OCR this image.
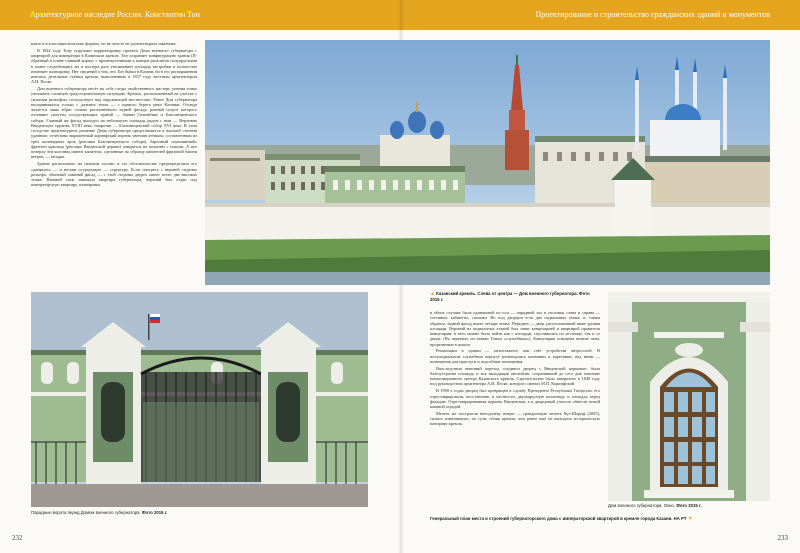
Архитектурное наследие России. Константин Тон	Проектирование и строительство гражданских зданий и монументов

конте и в классицистических формах, но не чем-то не удовлетворяла заказчика.

В 1842 году Тону поручают корректировку проекта Дома военного губернатора с квартирой для императора в Казанском кремле. Тон сохраняет конфигурацию здания (П-образный в плане главный корпус с промежуточными к концам ризалитов полукруглыми в плане служебными), но в полтора раза увеличивает площадь застройки и полностью изменяет планировку. Нет сведений о том, что Тон бывал в Казани, но в его распоряжении имелись детальные съёмки кремля, выполненные в 1837 году местным архитектором А.И. Песке.

Дом военного губернатора несёт на себе следы свойственного мастеру умения тонко учитывать сложную градостроительную ситуацию. Кремль, расположенный на участке с сильным рельефом, господствует над окружающей местностью. Ранее Дом губернатора воспринимался только с дальних точек — с правого берега реки Казанки. Отсюда читается лишь абрис сильно расчленённого задней фасада, ровный силуэт которого оттеняют силуэты соседствующих зданий — башни Сююмбике и Благовещенского собора. Главный же фасад выходил на небольшую площадь рядом с ним — Верхнюю Введенскую церковь XVIII века, напротив — Благовещенский собор XVI века. В этом соседстве архитектурное решение Дома губернатора представляется в высшей степени удачным: отчётливо выраженный коринфский портик увенчан аттиком, составленным из трёх килевидных арок (реплика Благовещенского собора), барочный «кувшинный» фронтон крыльца (реплика Введенской церкви) опирается на колонны с поясом. А вот поверху эти колонны имеют капители, сделанные по образцу капителей фризовой башни ветров, — загадка.

Здание расположено на сильном склоне, и это обстоятельство предопределило его «двоякую» — и весьма остроумную — структуру. Если смотреть с верхней стороны рельефа, обычный главный фасад — с этой стороны двурех имеет всего два высоких этажа. Нижний этаж занимала квартира губернатора, верхний был отдан под императорскую квартиру, планировка

Парадные ворота перед Домом военного губернатора. Фото 2015 г.
▲ Казанский кремль. Слева от центра — Дом военного губернатора. Фото 2015 г.

в обоих случаях была одинаковой по оси — парадный зал и столовая, слева и справа — гостиные, кабинеты, спальни. Но под дворцом есть два подвальных этажа, и, таким образом, задний фасад имеет четыре этажа. Переднее — двор, расположенный ниже уровня площади. Верхний из подвальных этажей был занят канцелярией и квартирой правителя канцелярии; в него можно было войти как с площади, спустившись по лестнице, так и со двора. (На чертежах он назван Тоном «служебным»). Канцелярия освещена низкие окна, прорезанные в цоколе.

Решающим в здании — пятиэтажное, как счёт устройства антресолей. В полуподвальном служебном корпусе размещались конюшни и каретники, над ними — помещения для прислуги и подсобные помещения.

Впоследствии внешний переход соединил дворец с Введенской церковью: была благоустроена площадь и вся выходящая ансамблю, сохранивший до сего дня значение композиционного центра Казанского кремля. Строительство было завершено в 1848 году под руководством архитектора А.И. Песке, которого сменил М.П. Коринфский.

В 1990-х годах дворец был превращён в службу Президента Республики Татарстан: его отреставрировали, восстановив, в частности, двухъярусную колоннаду и площадь перед фасадом. Отреставрированная церковь Введенская, а в дворцовый участок обнесли новой кованой оградой.

Мечеть же построили неподалёку новую — грандиозную мечеть Кул-Шариф (2005), сильно изменившую, по сути, облик кремля, чем ранее ещё не выходила историческую панораму кремля.

Генеральный план места и строений губернаторского дома с императорской квартирой в кремле города Казани. НА РТ ▼
Дом военного губернатора. Окно. Фото 2015 г.
232	233
